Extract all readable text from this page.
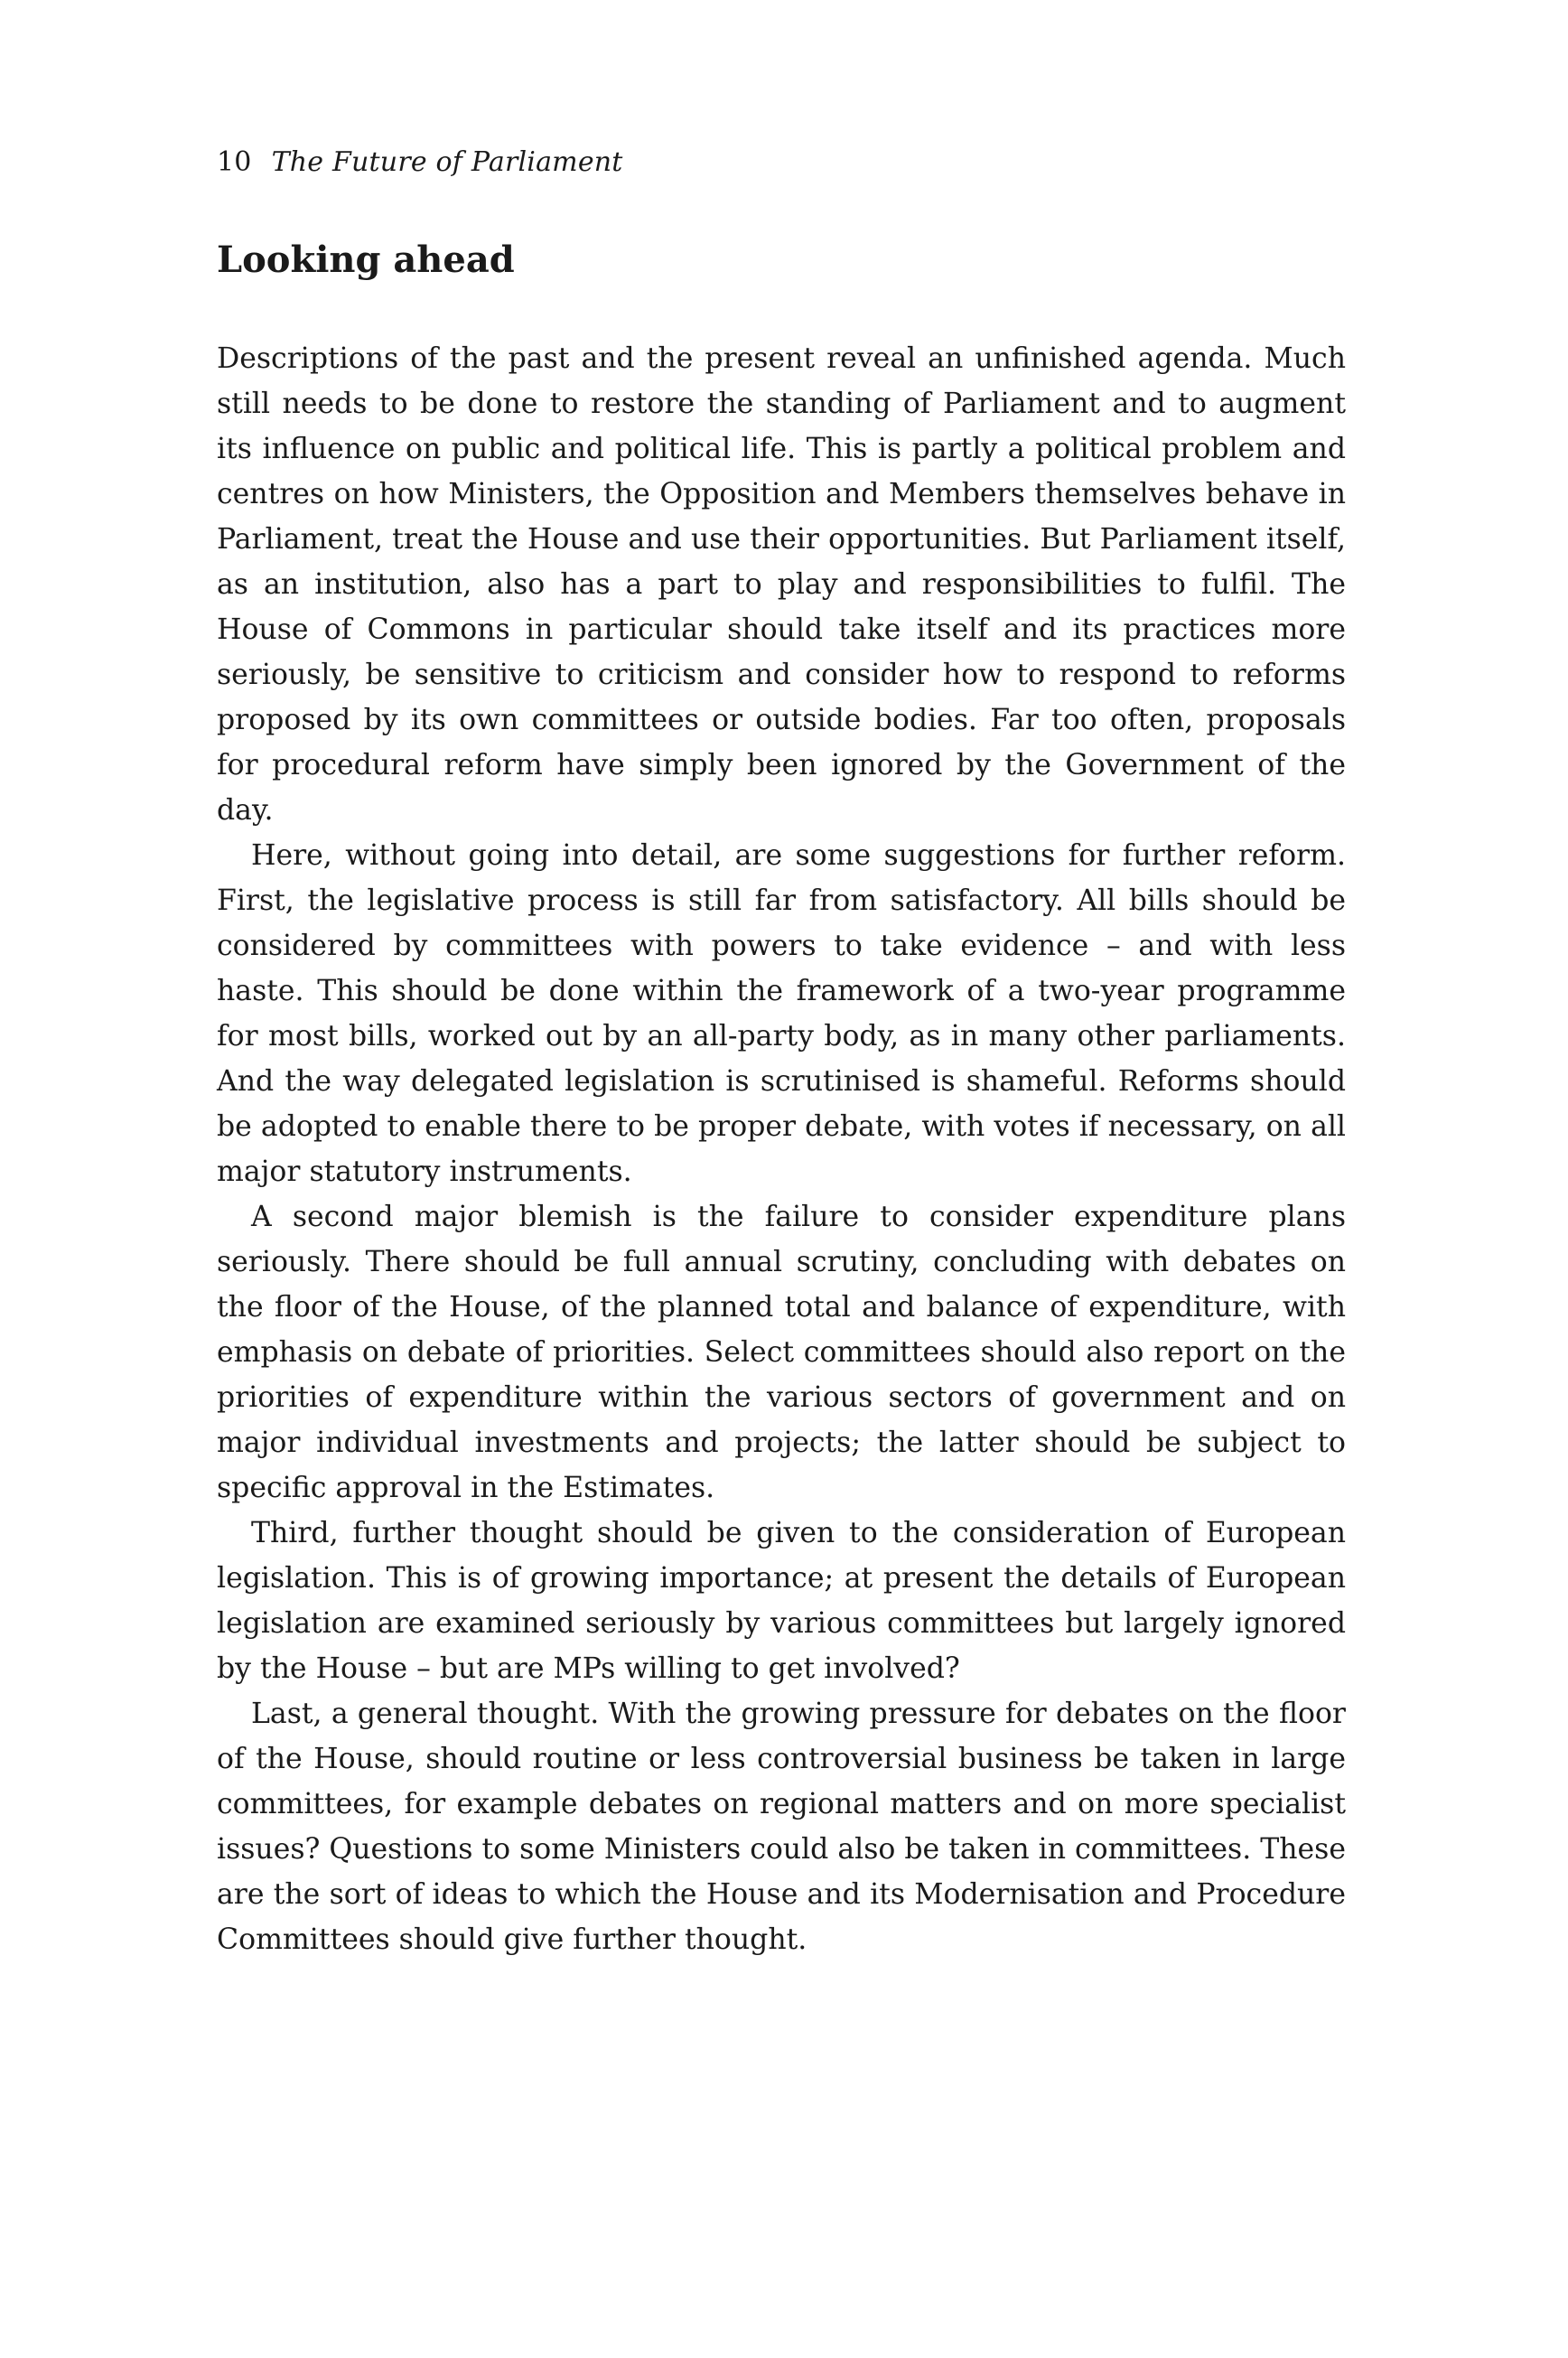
10 The Future of Parliament
Looking ahead

Descriptions of the past and the present reveal an unfinished agenda. Much still needs to be done to restore the standing of Parliament and to augment its influence on public and political life. This is partly a political problem and centres on how Ministers, the Opposition and Members themselves behave in Parliament, treat the House and use their opportunities. But Parliament itself, as an institution, also has a part to play and responsibilities to fulfil. The House of Commons in particular should take itself and its practices more seriously, be sensitive to criticism and consider how to respond to reforms proposed by its own committees or outside bodies. Far too often, proposals for procedural reform have simply been ignored by the Government of the day.

Here, without going into detail, are some suggestions for further reform. First, the legislative process is still far from satisfactory. All bills should be considered by committees with powers to take evidence – and with less haste. This should be done within the framework of a two-year programme for most bills, worked out by an all-party body, as in many other parliaments. And the way delegated legislation is scrutinised is shameful. Reforms should be adopted to enable there to be proper debate, with votes if necessary, on all major statutory instruments.

A second major blemish is the failure to consider expenditure plans seriously. There should be full annual scrutiny, concluding with debates on the floor of the House, of the planned total and balance of expenditure, with emphasis on debate of priorities. Select committees should also report on the priorities of expenditure within the various sectors of government and on major individual investments and projects; the latter should be subject to specific approval in the Estimates.

Third, further thought should be given to the consideration of European legislation. This is of growing importance; at present the details of European legislation are examined seriously by various committees but largely ignored by the House – but are MPs willing to get involved?

Last, a general thought. With the growing pressure for debates on the floor of the House, should routine or less controversial business be taken in large committees, for example debates on regional matters and on more specialist issues? Questions to some Ministers could also be taken in committees. These are the sort of ideas to which the House and its Modernisation and Procedure Committees should give further thought.
